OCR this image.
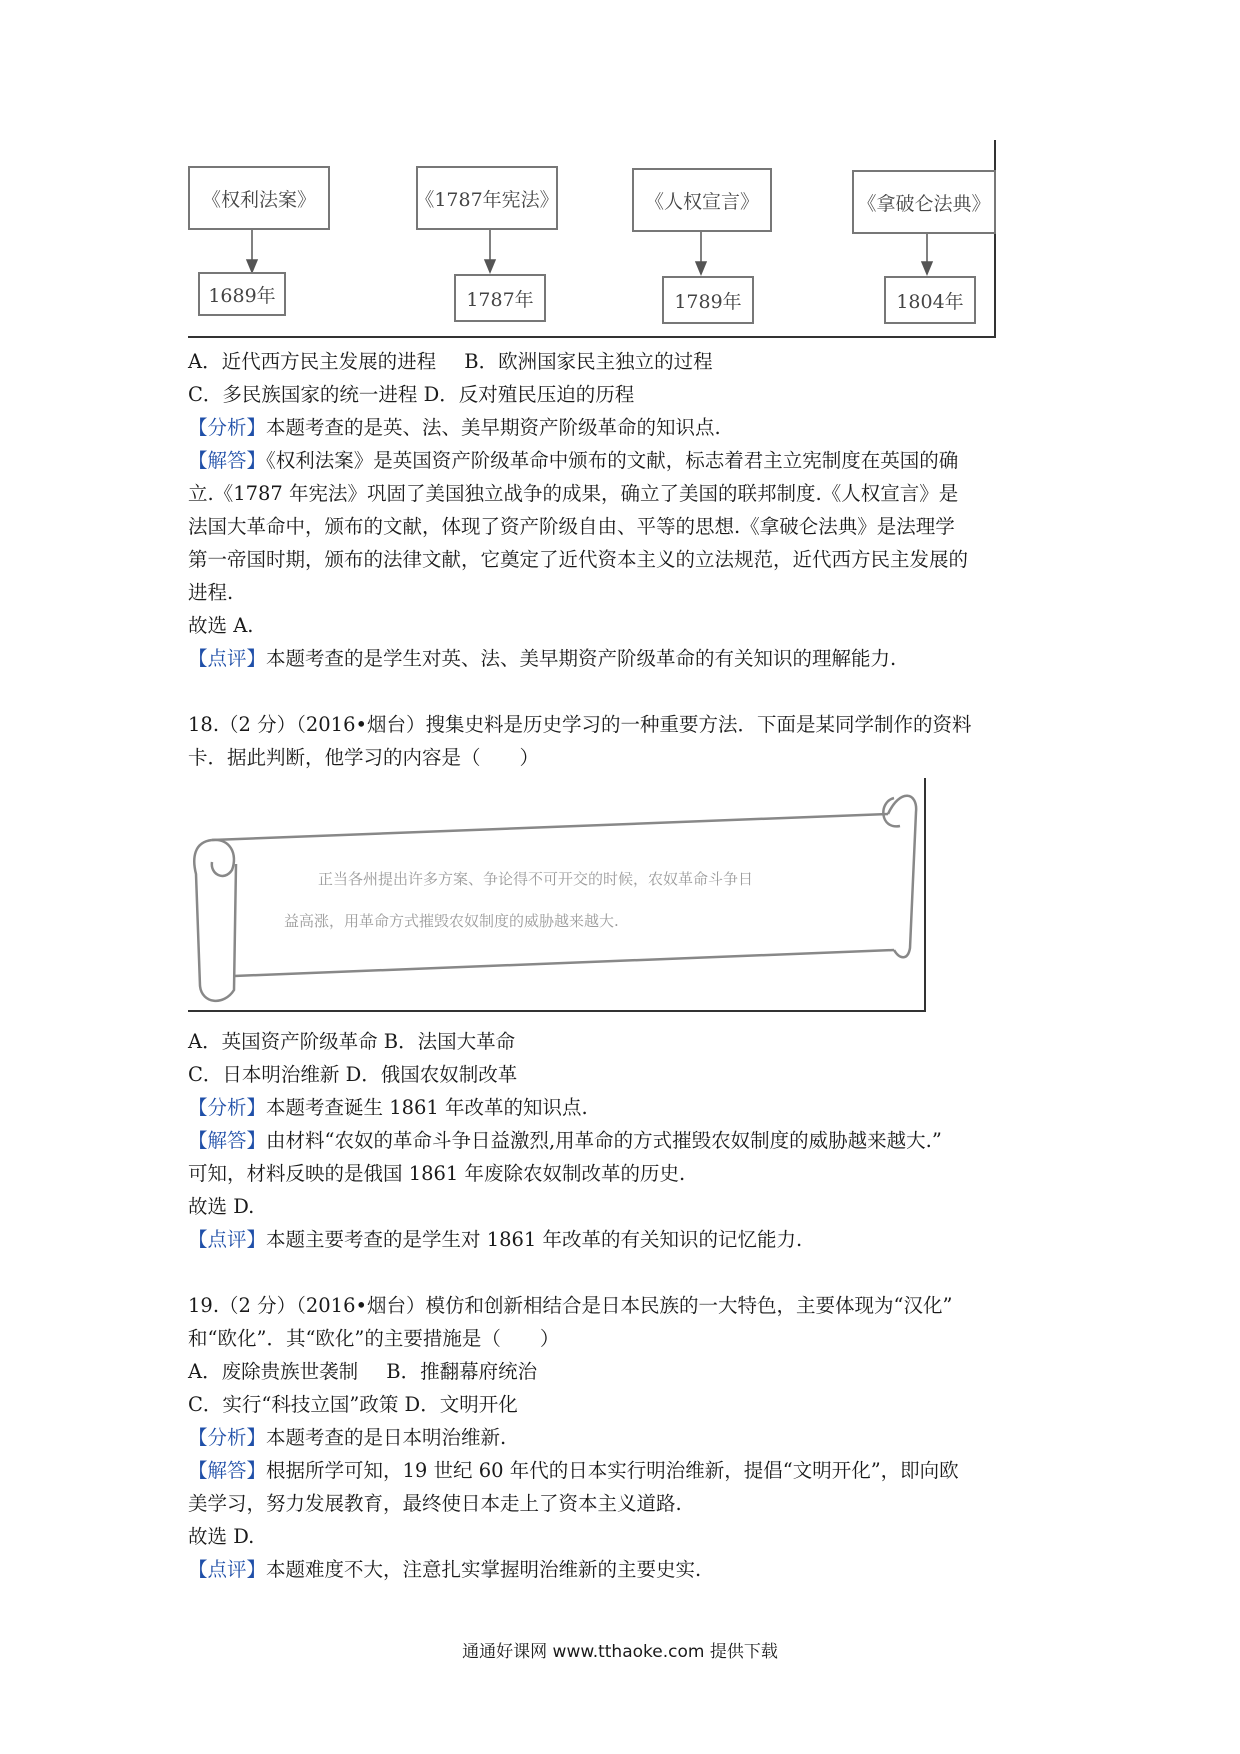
《权利法案》	《1787年宪法》	《人权宣言》	《拿破仑法典》
1689年	1787年	1789年	1804年
A．近代西方民主发展的进程 B．欧洲国家民主独立的过程
C．多民族国家的统一进程 D．反对殖民压迫的历程
【分析】本题考查的是英、法、美早期资产阶级革命的知识点.
【解答】《权利法案》是英国资产阶级革命中颁布的文献，标志着君主立宪制度在英国的确
立.《1787 年宪法》巩固了美国独立战争的成果，确立了美国的联邦制度.《人权宣言》是
法国大革命中，颁布的文献，体现了资产阶级自由、平等的思想.《拿破仑法典》是法理学
第一帝国时期，颁布的法律文献，它奠定了近代资本主义的立法规范，近代西方民主发展的
进程.
故选 A.
【点评】本题考查的是学生对英、法、美早期资产阶级革命的有关知识的理解能力.
18.（2 分）（2016•烟台）搜集史料是历史学习的一种重要方法．下面是某同学制作的资料
卡．据此判断，他学习的内容是（　　）
正当各州提出许多方案、争论得不可开交的时候，农奴革命斗争日
益高涨，用革命方式摧毁农奴制度的威胁越来越大.
A．英国资产阶级革命 B．法国大革命
C．日本明治维新 D．俄国农奴制改革
【分析】本题考查诞生 1861 年改革的知识点.
【解答】由材料“农奴的革命斗争日益激烈,用革命的方式摧毁农奴制度的威胁越来越大.”
可知，材料反映的是俄国 1861 年废除农奴制改革的历史.
故选 D.
【点评】本题主要考查的是学生对 1861 年改革的有关知识的记忆能力.
19.（2 分）（2016•烟台）模仿和创新相结合是日本民族的一大特色，主要体现为“汉化”
和“欧化”．其“欧化”的主要措施是（　　）
A．废除贵族世袭制 B．推翻幕府统治
C．实行“科技立国”政策 D．文明开化
【分析】本题考查的是日本明治维新.
【解答】根据所学可知，19 世纪 60 年代的日本实行明治维新，提倡“文明开化”，即向欧
美学习，努力发展教育，最终使日本走上了资本主义道路.
故选 D.
【点评】本题难度不大，注意扎实掌握明治维新的主要史实.
通通好课网 www.tthaoke.com 提供下载
